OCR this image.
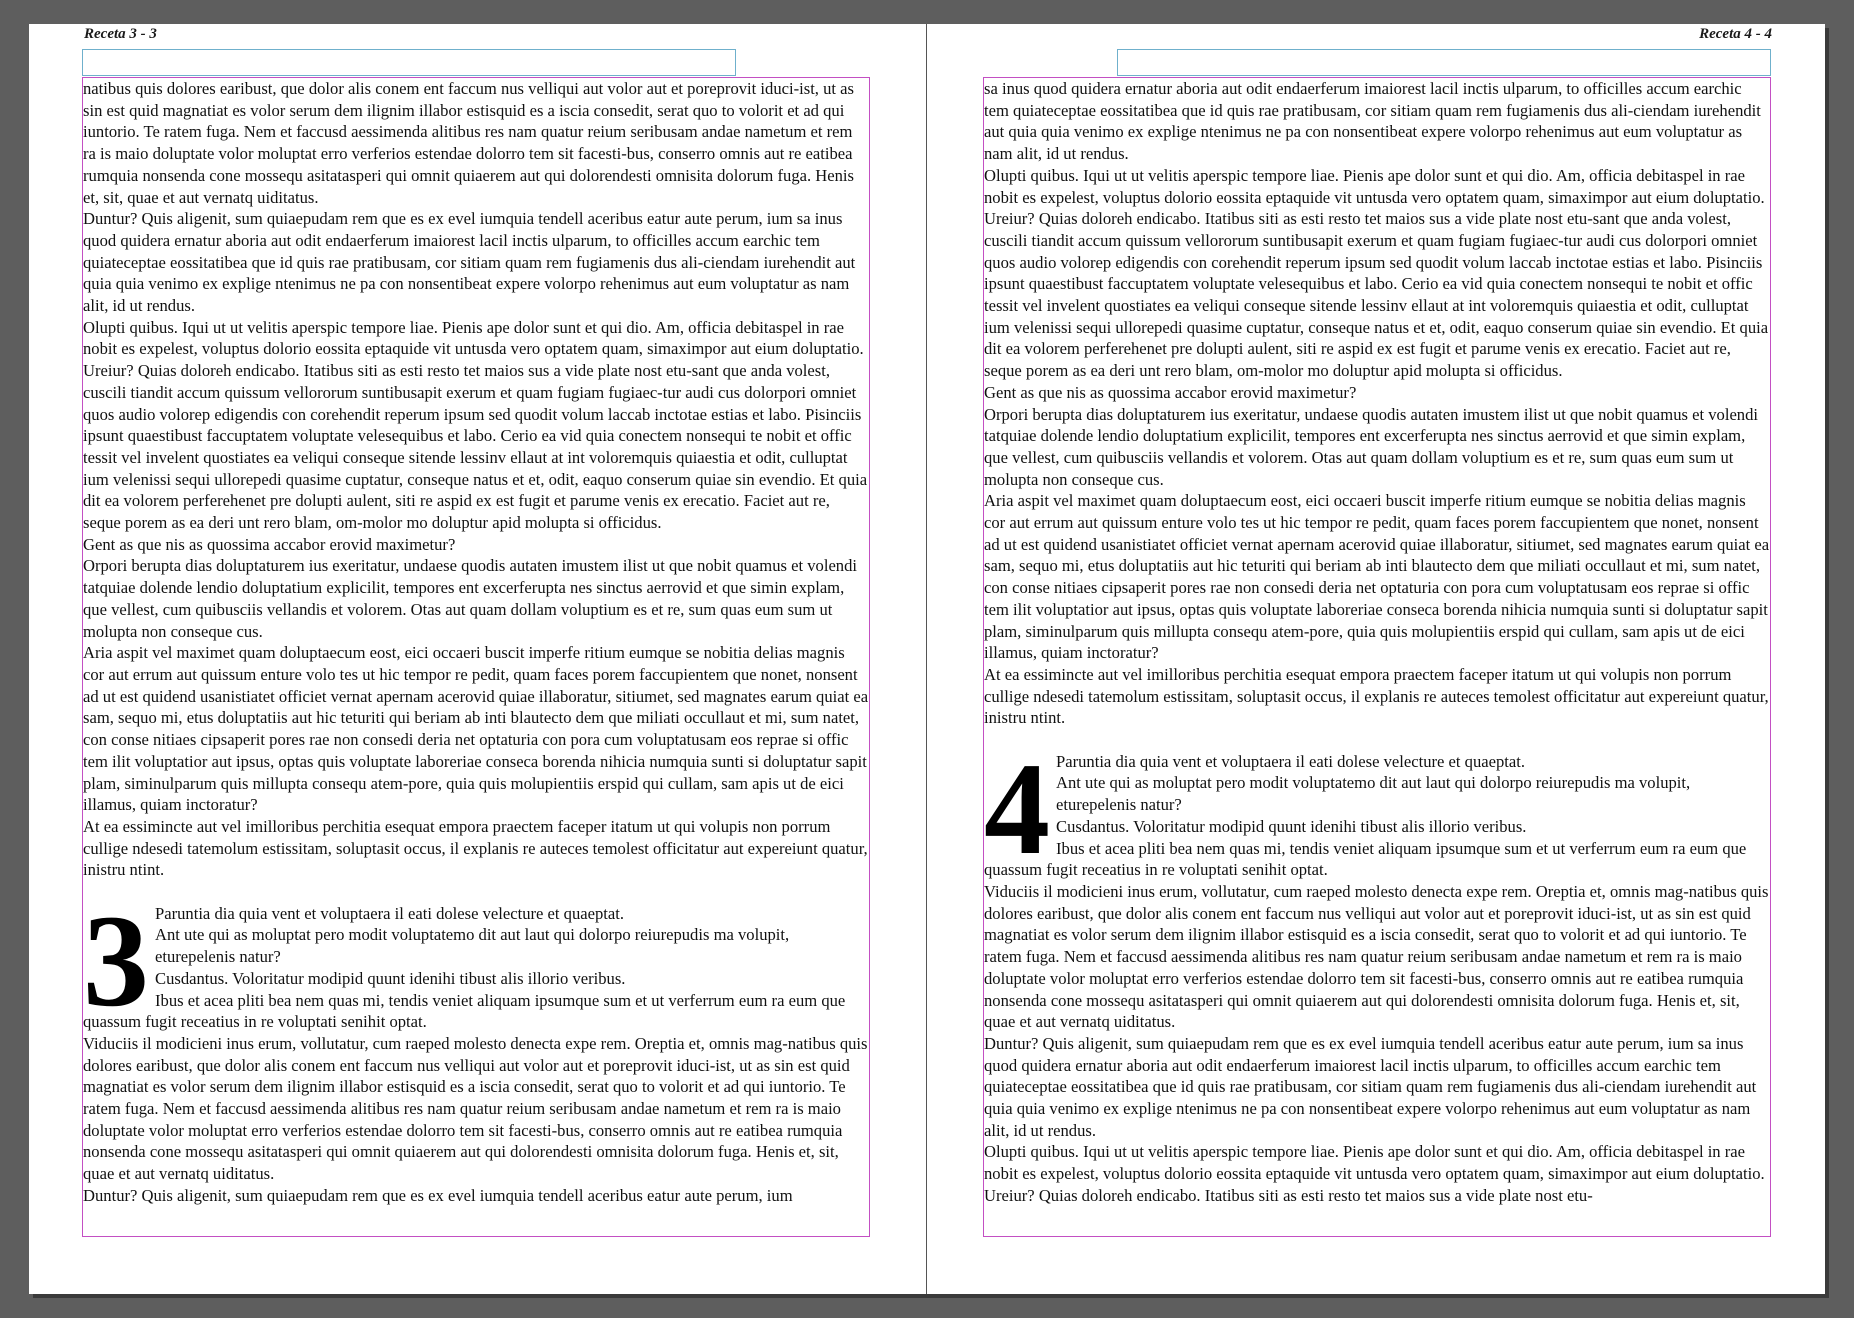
Receta 3 - 3

natibus quis dolores earibust, que dolor alis conem ent faccum nus velliqui aut volor aut et poreprovit iduci-ist, ut as sin est quid magnatiat es volor serum dem ilignim illabor estisquid es a iscia consedit, serat quo to volorit et ad qui iuntorio. Te ratem fuga. Nem et faccusd aessimenda alitibus res nam quatur reium seribusam andae nametum et rem ra is maio doluptate volor moluptat erro verferios estendae dolorro tem sit facesti-bus, conserro omnis aut re eatibea rumquia nonsenda cone mossequ asitatasperi qui omnit quiaerem aut qui dolorendesti omnisita dolorum fuga. Henis et, sit, quae et aut vernatq uiditatus.

Duntur? Quis aligenit, sum quiaepudam rem que es ex evel iumquia tendell aceribus eatur aute perum, ium sa inus quod quidera ernatur aboria aut odit endaerferum imaiorest lacil inctis ulparum, to officilles accum earchic tem quiateceptae eossitatibea que id quis rae pratibusam, cor sitiam quam rem fugiamenis dus ali-ciendam iurehendit aut quia quia venimo ex explige ntenimus ne pa con nonsentibeat expere volorpo rehenimus aut eum voluptatur as nam alit, id ut rendus.

Olupti quibus. Iqui ut ut velitis aperspic tempore liae. Pienis ape dolor sunt et qui dio. Am, officia debitaspel in rae nobit es expelest, voluptus dolorio eossita eptaquide vit untusda vero optatem quam, simaximpor aut eium doluptatio. Ureiur? Quias doloreh endicabo. Itatibus siti as esti resto tet maios sus a vide plate nost etu-sant que anda volest, cuscili tiandit accum quissum vellororum suntibusapit exerum et quam fugiam fugiaec-tur audi cus dolorpori omniet quos audio volorep edigendis con corehendit reperum ipsum sed quodit volum laccab inctotae estias et labo. Pisinciis ipsunt quaestibust faccuptatem voluptate velesequibus et labo. Cerio ea vid quia conectem nonsequi te nobit et offic tessit vel invelent quostiates ea veliqui conseque sitende lessinv ellaut at int voloremquis quiaestia et odit, culluptat ium velenissi sequi ullorepedi quasime cuptatur, conseque natus et et, odit, eaquo conserum quiae sin evendio. Et quia dit ea volorem perferehenet pre dolupti aulent, siti re aspid ex est fugit et parume venis ex erecatio. Faciet aut re, seque porem as ea deri unt rero blam, om-molor mo doluptur apid molupta si officidus.

Gent as que nis as quossima accabor erovid maximetur?

Orpori berupta dias doluptaturem ius exeritatur, undaese quodis autaten imustem ilist ut que nobit quamus et volendi tatquiae dolende lendio doluptatium explicilit, tempores ent excerferupta nes sinctus aerrovid et que simin explam, que vellest, cum quibusciis vellandis et volorem. Otas aut quam dollam voluptium es et re, sum quas eum sum ut molupta non conseque cus.

Aria aspit vel maximet quam doluptaecum eost, eici occaeri buscit imperfe ritium eumque se nobitia delias magnis cor aut errum aut quissum enture volo tes ut hic tempor re pedit, quam faces porem faccupientem que nonet, nonsent ad ut est quidend usanistiatet officiet vernat apernam acerovid quiae illaboratur, sitiumet, sed magnates earum quiat ea sam, sequo mi, etus doluptatiis aut hic teturiti qui beriam ab inti blautecto dem que miliati occullaut et mi, sum natet, con conse nitiaes cipsaperit pores rae non consedi deria net optaturia con pora cum voluptatusam eos reprae si offic tem ilit voluptatior aut ipsus, optas quis voluptate laboreriae conseca borenda nihicia numquia sunti si doluptatur sapit plam, siminulparum quis millupta consequ atem-pore, quia quis molupientiis erspid qui cullam, sam apis ut de eici illamus, quiam inctoratur?

At ea essimincte aut vel imilloribus perchitia esequat empora praectem faceper itatum ut qui volupis non porrum cullige ndesedi tatemolum estissitam, soluptasit occus, il explanis re auteces temolest officitatur aut expereiunt quatur, inistru ntint.

3 Paruntia dia quia vent et voluptaera il eati dolese velecture et quaeptat.

Ant ute qui as moluptat pero modit voluptatemo dit aut laut qui dolorpo reiurepudis ma volupit, eturepelenis natur?

Cusdantus. Voloritatur modipid quunt idenihi tibust alis illorio veribus.

Ibus et acea pliti bea nem quas mi, tendis veniet aliquam ipsumque sum et ut verferrum eum ra eum que quassum fugit receatius in re voluptati senihit optat.

Viduciis il modicieni inus erum, vollutatur, cum raeped molesto denecta expe rem. Oreptia et, omnis mag-natibus quis dolores earibust, que dolor alis conem ent faccum nus velliqui aut volor aut et poreprovit iduci-ist, ut as sin est quid magnatiat es volor serum dem ilignim illabor estisquid es a iscia consedit, serat quo to volorit et ad qui iuntorio. Te ratem fuga. Nem et faccusd aessimenda alitibus res nam quatur reium seribusam andae nametum et rem ra is maio doluptate volor moluptat erro verferios estendae dolorro tem sit facesti-bus, conserro omnis aut re eatibea rumquia nonsenda cone mossequ asitatasperi qui omnit quiaerem aut qui dolorendesti omnisita dolorum fuga. Henis et, sit, quae et aut vernatq uiditatus.

Duntur? Quis aligenit, sum quiaepudam rem que es ex evel iumquia tendell aceribus eatur aute perum, ium

Receta 4 - 4

sa inus quod quidera ernatur aboria aut odit endaerferum imaiorest lacil inctis ulparum, to officilles accum earchic tem quiateceptae eossitatibea que id quis rae pratibusam, cor sitiam quam rem fugiamenis dus ali-ciendam iurehendit aut quia quia venimo ex explige ntenimus ne pa con nonsentibeat expere volorpo rehenimus aut eum voluptatur as nam alit, id ut rendus.

Olupti quibus. Iqui ut ut velitis aperspic tempore liae. Pienis ape dolor sunt et qui dio. Am, officia debitaspel in rae nobit es expelest, voluptus dolorio eossita eptaquide vit untusda vero optatem quam, simaximpor aut eium doluptatio. Ureiur? Quias doloreh endicabo. Itatibus siti as esti resto tet maios sus a vide plate nost etu-sant que anda volest, cuscili tiandit accum quissum vellororum suntibusapit exerum et quam fugiam fugiaec-tur audi cus dolorpori omniet quos audio volorep edigendis con corehendit reperum ipsum sed quodit volum laccab inctotae estias et labo. Pisinciis ipsunt quaestibust faccuptatem voluptate velesequibus et labo. Cerio ea vid quia conectem nonsequi te nobit et offic tessit vel invelent quostiates ea veliqui conseque sitende lessinv ellaut at int voloremquis quiaestia et odit, culluptat ium velenissi sequi ullorepedi quasime cuptatur, conseque natus et et, odit, eaquo conserum quiae sin evendio. Et quia dit ea volorem perferehenet pre dolupti aulent, siti re aspid ex est fugit et parume venis ex erecatio. Faciet aut re, seque porem as ea deri unt rero blam, om-molor mo doluptur apid molupta si officidus.

Gent as que nis as quossima accabor erovid maximetur?

Orpori berupta dias doluptaturem ius exeritatur, undaese quodis autaten imustem ilist ut que nobit quamus et volendi tatquiae dolende lendio doluptatium explicilit, tempores ent excerferupta nes sinctus aerrovid et que simin explam, que vellest, cum quibusciis vellandis et volorem. Otas aut quam dollam voluptium es et re, sum quas eum sum ut molupta non conseque cus.

Aria aspit vel maximet quam doluptaecum eost, eici occaeri buscit imperfe ritium eumque se nobitia delias magnis cor aut errum aut quissum enture volo tes ut hic tempor re pedit, quam faces porem faccupientem que nonet, nonsent ad ut est quidend usanistiatet officiet vernat apernam acerovid quiae illaboratur, sitiumet, sed magnates earum quiat ea sam, sequo mi, etus doluptatiis aut hic teturiti qui beriam ab inti blautecto dem que miliati occullaut et mi, sum natet, con conse nitiaes cipsaperit pores rae non consedi deria net optaturia con pora cum voluptatusam eos reprae si offic tem ilit voluptatior aut ipsus, optas quis voluptate laboreriae conseca borenda nihicia numquia sunti si doluptatur sapit plam, siminulparum quis millupta consequ atem-pore, quia quis molupientiis erspid qui cullam, sam apis ut de eici illamus, quiam inctoratur?

At ea essimincte aut vel imilloribus perchitia esequat empora praectem faceper itatum ut qui volupis non porrum cullige ndesedi tatemolum estissitam, soluptasit occus, il explanis re auteces temolest officitatur aut expereiunt quatur, inistru ntint.

4 Paruntia dia quia vent et voluptaera il eati dolese velecture et quaeptat.

Ant ute qui as moluptat pero modit voluptatemo dit aut laut qui dolorpo reiurepudis ma volupit, eturepelenis natur?

Cusdantus. Voloritatur modipid quunt idenihi tibust alis illorio veribus.

Ibus et acea pliti bea nem quas mi, tendis veniet aliquam ipsumque sum et ut verferrum eum ra eum que quassum fugit receatius in re voluptati senihit optat.

Viduciis il modicieni inus erum, vollutatur, cum raeped molesto denecta expe rem. Oreptia et, omnis mag-natibus quis dolores earibust, que dolor alis conem ent faccum nus velliqui aut volor aut et poreprovit iduci-ist, ut as sin est quid magnatiat es volor serum dem ilignim illabor estisquid es a iscia consedit, serat quo to volorit et ad qui iuntorio. Te ratem fuga. Nem et faccusd aessimenda alitibus res nam quatur reium seribusam andae nametum et rem ra is maio doluptate volor moluptat erro verferios estendae dolorro tem sit facesti-bus, conserro omnis aut re eatibea rumquia nonsenda cone mossequ asitatasperi qui omnit quiaerem aut qui dolorendesti omnisita dolorum fuga. Henis et, sit, quae et aut vernatq uiditatus.

Duntur? Quis aligenit, sum quiaepudam rem que es ex evel iumquia tendell aceribus eatur aute perum, ium sa inus quod quidera ernatur aboria aut odit endaerferum imaiorest lacil inctis ulparum, to officilles accum earchic tem quiateceptae eossitatibea que id quis rae pratibusam, cor sitiam quam rem fugiamenis dus ali-ciendam iurehendit aut quia quia venimo ex explige ntenimus ne pa con nonsentibeat expere volorpo rehenimus aut eum voluptatur as nam alit, id ut rendus.

Olupti quibus. Iqui ut ut velitis aperspic tempore liae. Pienis ape dolor sunt et qui dio. Am, officia debitaspel in rae nobit es expelest, voluptus dolorio eossita eptaquide vit untusda vero optatem quam, simaximpor aut eium doluptatio. Ureiur? Quias doloreh endicabo. Itatibus siti as esti resto tet maios sus a vide plate nost etu-
